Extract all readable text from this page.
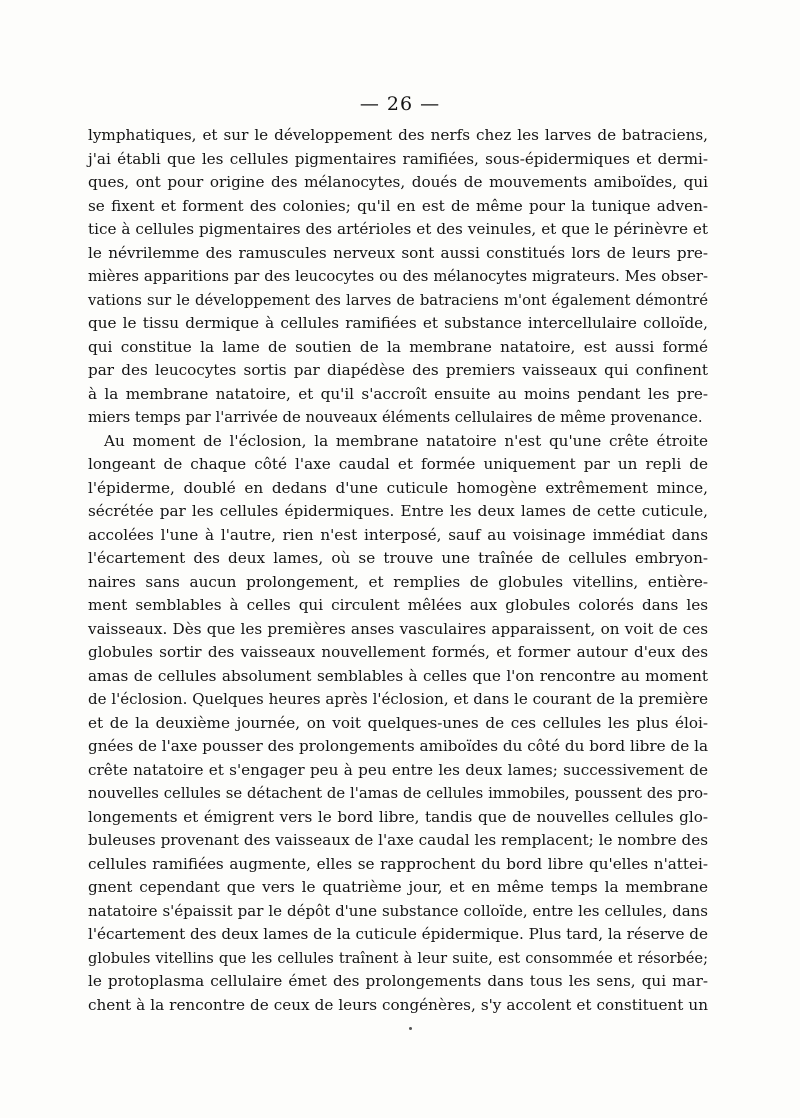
— 26 —
lymphatiques, et sur le développement des nerfs chez les larves de batraciens,
j'ai établi que les cellules pigmentaires ramifiées, sous-épidermiques et dermi-
ques, ont pour origine des mélanocytes, doués de mouvements amiboïdes, qui
se fixent et forment des colonies; qu'il en est de même pour la tunique adven-
tice à cellules pigmentaires des artérioles et des veinules, et que le périnèvre et
le névrilemme des ramuscules nerveux sont aussi constitués lors de leurs pre-
mières apparitions par des leucocytes ou des mélanocytes migrateurs. Mes obser-
vations sur le développement des larves de batraciens m'ont également démontré
que le tissu dermique à cellules ramifiées et substance intercellulaire colloïde,
qui constitue la lame de soutien de la membrane natatoire, est aussi formé
par des leucocytes sortis par diapédèse des premiers vaisseaux qui confinent
à la membrane natatoire, et qu'il s'accroît ensuite au moins pendant les pre-
miers temps par l'arrivée de nouveaux éléments cellulaires de même provenance.
Au moment de l'éclosion, la membrane natatoire n'est qu'une crête étroite
longeant de chaque côté l'axe caudal et formée uniquement par un repli de
l'épiderme, doublé en dedans d'une cuticule homogène extrêmement mince,
sécrétée par les cellules épidermiques. Entre les deux lames de cette cuticule,
accolées l'une à l'autre, rien n'est interposé, sauf au voisinage immédiat dans
l'écartement des deux lames, où se trouve une traînée de cellules embryon-
naires sans aucun prolongement, et remplies de globules vitellins, entière-
ment semblables à celles qui circulent mêlées aux globules colorés dans les
vaisseaux. Dès que les premières anses vasculaires apparaissent, on voit de ces
globules sortir des vaisseaux nouvellement formés, et former autour d'eux des
amas de cellules absolument semblables à celles que l'on rencontre au moment
de l'éclosion. Quelques heures après l'éclosion, et dans le courant de la première
et de la deuxième journée, on voit quelques-unes de ces cellules les plus éloi-
gnées de l'axe pousser des prolongements amiboïdes du côté du bord libre de la
crête natatoire et s'engager peu à peu entre les deux lames; successivement de
nouvelles cellules se détachent de l'amas de cellules immobiles, poussent des pro-
longements et émigrent vers le bord libre, tandis que de nouvelles cellules glo-
buleuses provenant des vaisseaux de l'axe caudal les remplacent; le nombre des
cellules ramifiées augmente, elles se rapprochent du bord libre qu'elles n'attei-
gnent cependant que vers le quatrième jour, et en même temps la membrane
natatoire s'épaissit par le dépôt d'une substance colloïde, entre les cellules, dans
l'écartement des deux lames de la cuticule épidermique. Plus tard, la réserve de
globules vitellins que les cellules traînent à leur suite, est consommée et résorbée;
le protoplasma cellulaire émet des prolongements dans tous les sens, qui mar-
chent à la rencontre de ceux de leurs congénères, s'y accolent et constituent un
